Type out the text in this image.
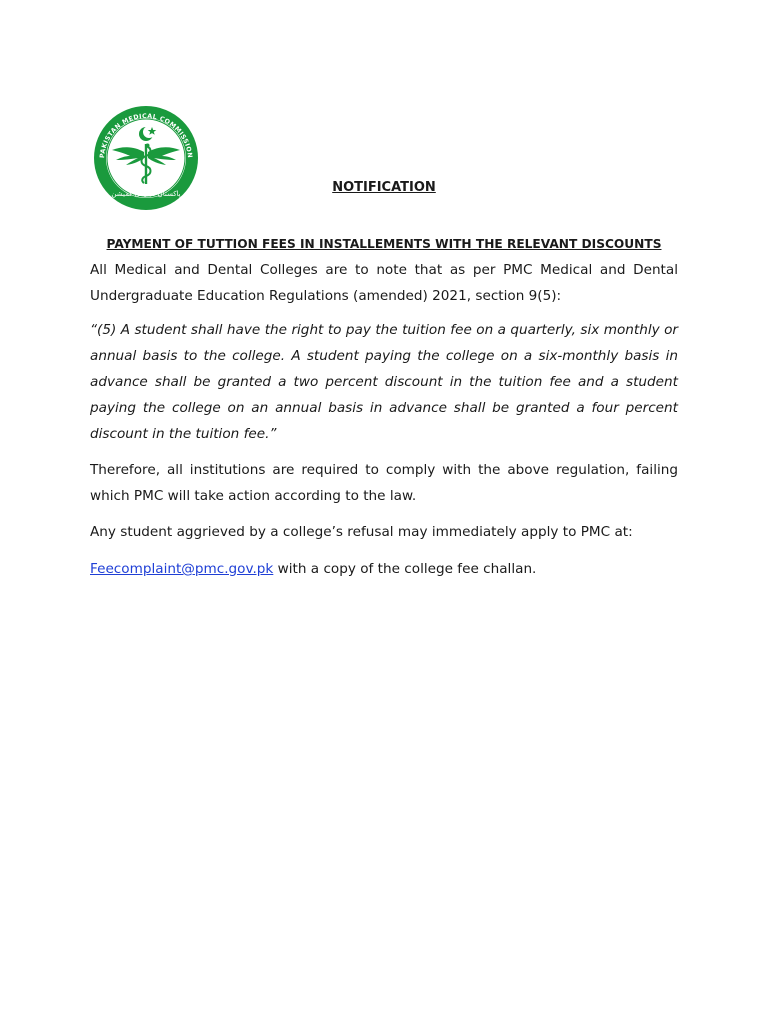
PAKISTAN MEDICAL COMMISSION
پاکستان میڈیکل کمیشن	NOTIFICATION
PAYMENT OF TUTTION FEES IN INSTALLEMENTS WITH THE RELEVANT DISCOUNTS

All Medical and Dental Colleges are to note that as per PMC Medical and Dental Undergraduate Education Regulations (amended) 2021, section 9(5):

“(5) A student shall have the right to pay the tuition fee on a quarterly, six monthly or annual basis to the college. A student paying the college on a six-monthly basis in advance shall be granted a two percent discount in the tuition fee and a student paying the college on an annual basis in advance shall be granted a four percent discount in the tuition fee.”

Therefore, all institutions are required to comply with the above regulation, failing which PMC will take action according to the law.

Any student aggrieved by a college’s refusal may immediately apply to PMC at:

Feecomplaint@pmc.gov.pk with a copy of the college fee challan.
